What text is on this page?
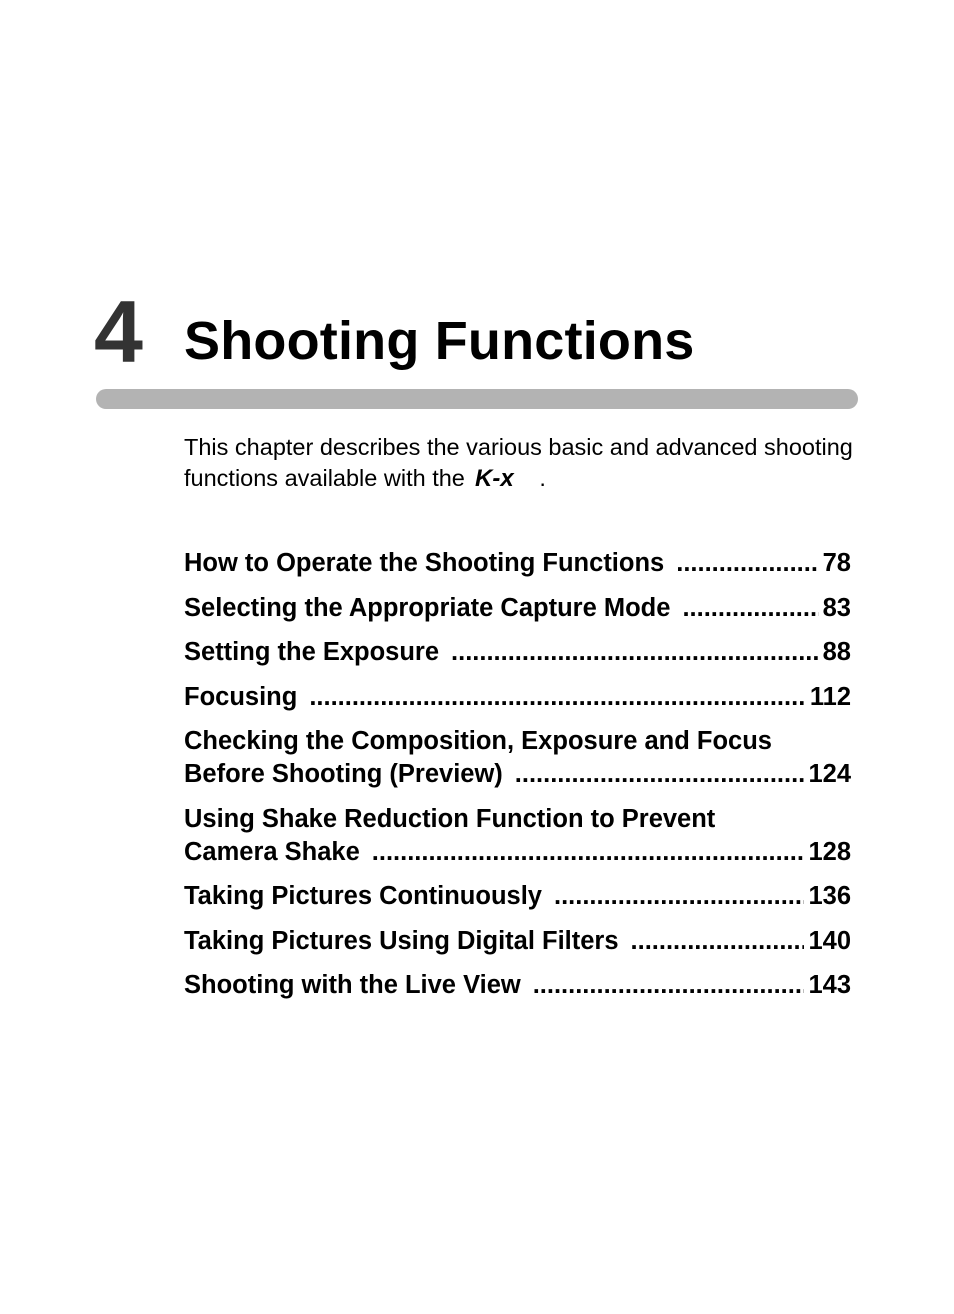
4 Shooting Functions

This chapter describes the various basic and advanced shooting functions available with the K-x .

How to Operate the Shooting Functions .....	78
Selecting the Appropriate Capture Mode .....	83
Setting the Exposure .....	88
Focusing .....	112
Checking the Composition, Exposure and Focus
Before Shooting (Preview) .....	124
Using Shake Reduction Function to Prevent
Camera Shake .....	128
Taking Pictures Continuously .....	136
Taking Pictures Using Digital Filters .....	140
Shooting with the Live View .....	143
